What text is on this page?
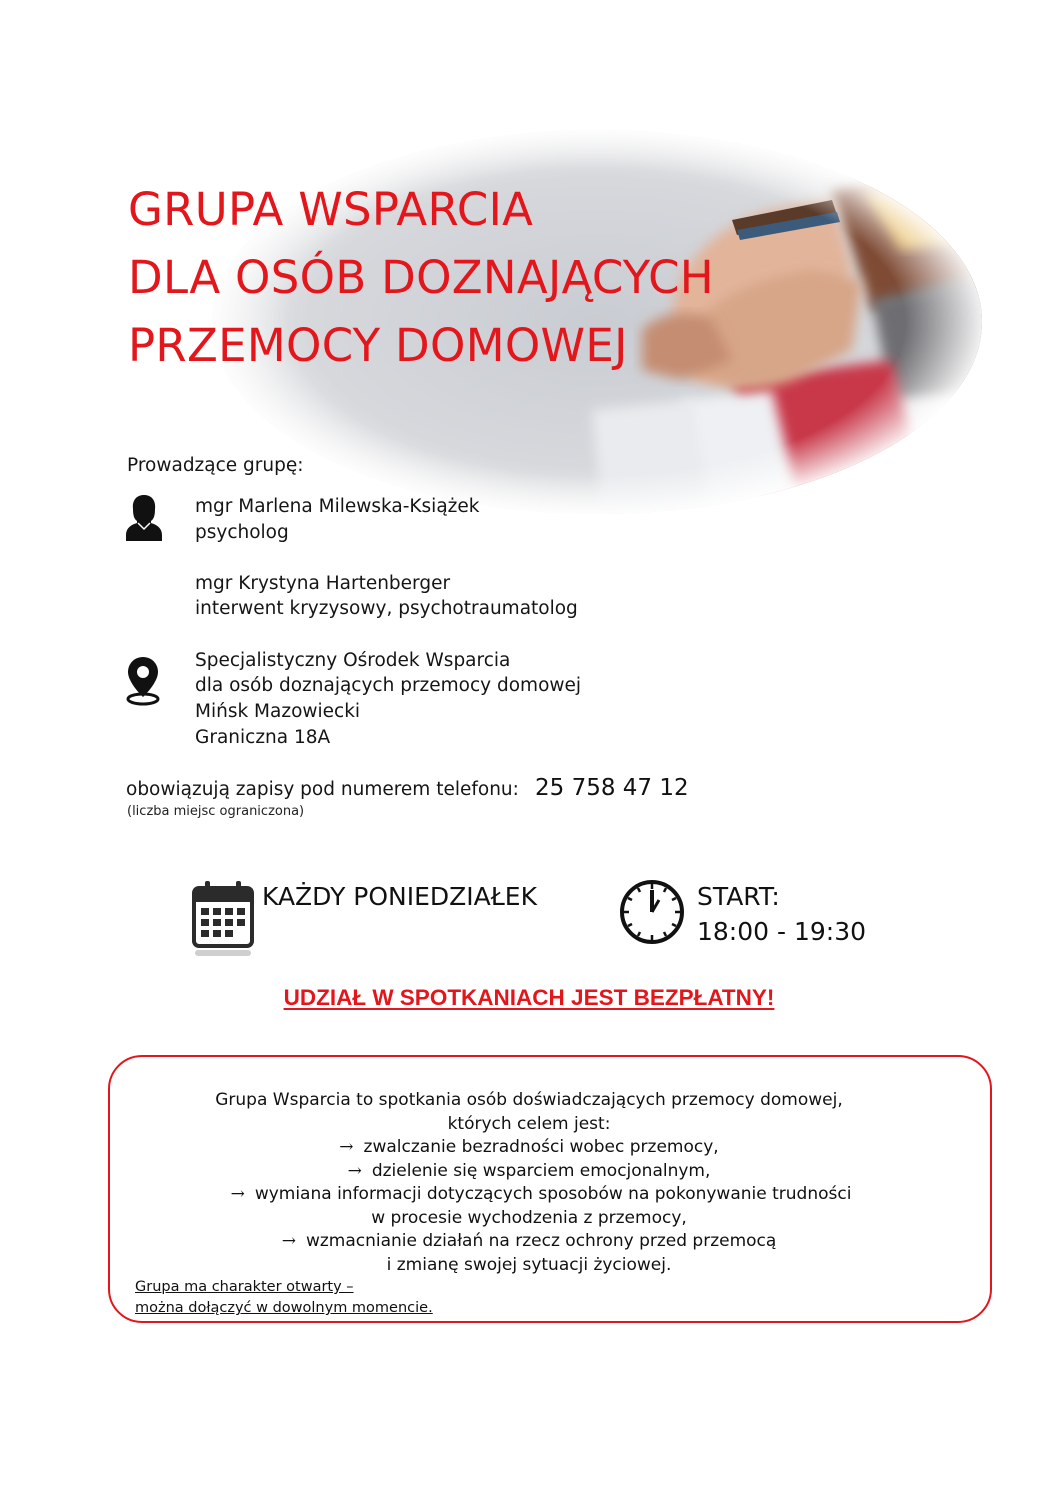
GRUPA WSPARCIA
DLA OSÓB DOZNAJĄCYCH
PRZEMOCY DOMOWEJ
Prowadzące grupę:
mgr Marlena Milewska-Książek
psycholog
mgr Krystyna Hartenberger
interwent kryzysowy, psychotraumatolog
Specjalistyczny Ośrodek Wsparcia
dla osób doznających przemocy domowej
Mińsk Mazowiecki
Graniczna 18A
obowiązują zapisy pod numerem telefonu: 25 758 47 12
(liczba miejsc ograniczona)
KAŻDY PONIEDZIAŁEK	START:
18:00 - 19:30
UDZIAŁ W SPOTKANIACH JEST BEZPŁATNY!
Grupa Wsparcia to spotkania osób doświadczających przemocy domowej,
których celem jest:
→ zwalczanie bezradności wobec przemocy,
→ dzielenie się wsparciem emocjonalnym,
→ wymiana informacji dotyczących sposobów na pokonywanie trudności
w procesie wychodzenia z przemocy,
→ wzmacnianie działań na rzecz ochrony przed przemocą
i zmianę swojej sytuacji życiowej.
Grupa ma charakter otwarty –
można dołączyć w dowolnym momencie.
